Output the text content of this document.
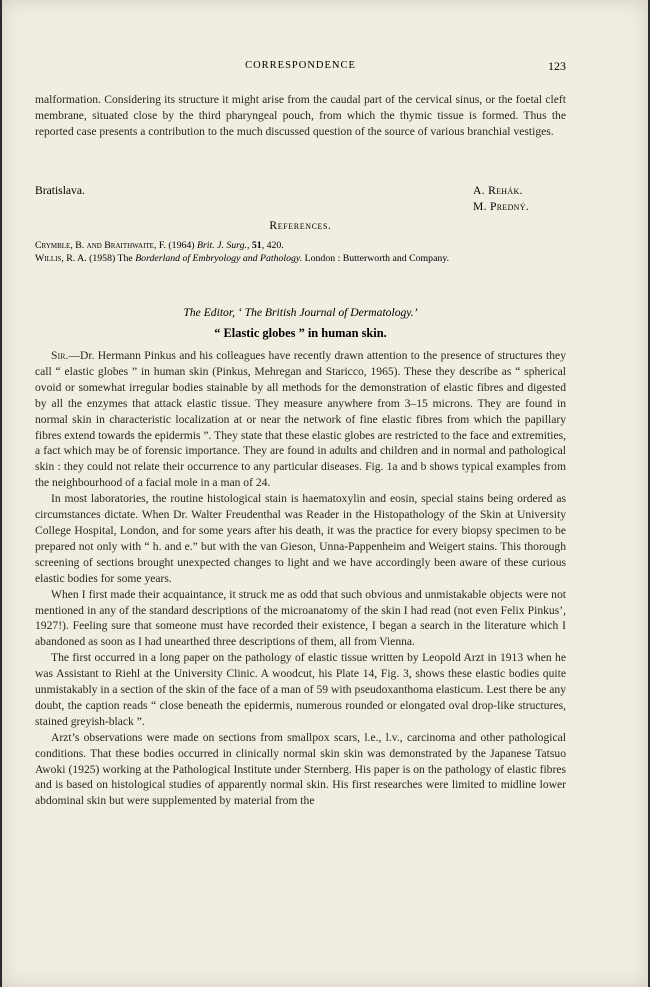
CORRESPONDENCE	123

malformation. Considering its structure it might arise from the caudal part of the cervical sinus, or the foetal cleft membrane, situated close by the third pharyngeal pouch, from which the thymic tissue is formed. Thus the reported case presents a contribution to the much discussed question of the source of various branchial vestiges.

Bratislava.	A. Rehák.
M. Predný.
References.
Crymble, B. and Braithwaite, F. (1964) Brit. J. Surg., 51, 420.
Willis, R. A. (1958) The Borderland of Embryology and Pathology. London : Butterworth and Company.
The Editor, ‘ The British Journal of Dermatology.’
“ Elastic globes ” in human skin.

Sir.—Dr. Hermann Pinkus and his colleagues have recently drawn attention to the presence of structures they call “ elastic globes ” in human skin (Pinkus, Mehregan and Staricco, 1965). These they describe as “ spherical ovoid or somewhat irregular bodies stainable by all methods for the demonstration of elastic fibres and digested by all the enzymes that attack elastic tissue. They measure anywhere from 3–15 microns. They are found in normal skin in characteristic localization at or near the network of fine elastic fibres from which the papillary fibres extend towards the epidermis ”. They state that these elastic globes are restricted to the face and extremities, a fact which may be of forensic importance. They are found in adults and children and in normal and pathological skin : they could not relate their occurrence to any particular diseases. Fig. 1a and b shows typical examples from the neighbourhood of a facial mole in a man of 24.

In most laboratories, the routine histological stain is haematoxylin and eosin, special stains being ordered as circumstances dictate. When Dr. Walter Freudenthal was Reader in the Histopathology of the Skin at University College Hospital, London, and for some years after his death, it was the practice for every biopsy specimen to be prepared not only with “ h. and e.” but with the van Gieson, Unna-Pappenheim and Weigert stains. This thorough screening of sections brought unexpected changes to light and we have accordingly been aware of these curious elastic bodies for some years.

When I first made their acquaintance, it struck me as odd that such obvious and unmistakable objects were not mentioned in any of the standard descriptions of the microanatomy of the skin I had read (not even Felix Pinkus’, 1927!). Feeling sure that someone must have recorded their existence, I began a search in the literature which I abandoned as soon as I had unearthed three descriptions of them, all from Vienna.

The first occurred in a long paper on the pathology of elastic tissue written by Leopold Arzt in 1913 when he was Assistant to Riehl at the University Clinic. A woodcut, his Plate 14, Fig. 3, shows these elastic bodies quite unmistakably in a section of the skin of the face of a man of 59 with pseudoxanthoma elasticum. Lest there be any doubt, the caption reads “ close beneath the epidermis, numerous rounded or elongated oval drop-like structures, stained greyish-black ”.

Arzt’s observations were made on sections from smallpox scars, l.e., l.v., carcinoma and other pathological conditions. That these bodies occurred in clinically normal skin skin was demonstrated by the Japanese Tatsuo Awoki (1925) working at the Pathological Institute under Sternberg. His paper is on the pathology of elastic fibres and is based on histological studies of apparently normal skin. His first researches were limited to midline lower abdominal skin but were supplemented by material from the
